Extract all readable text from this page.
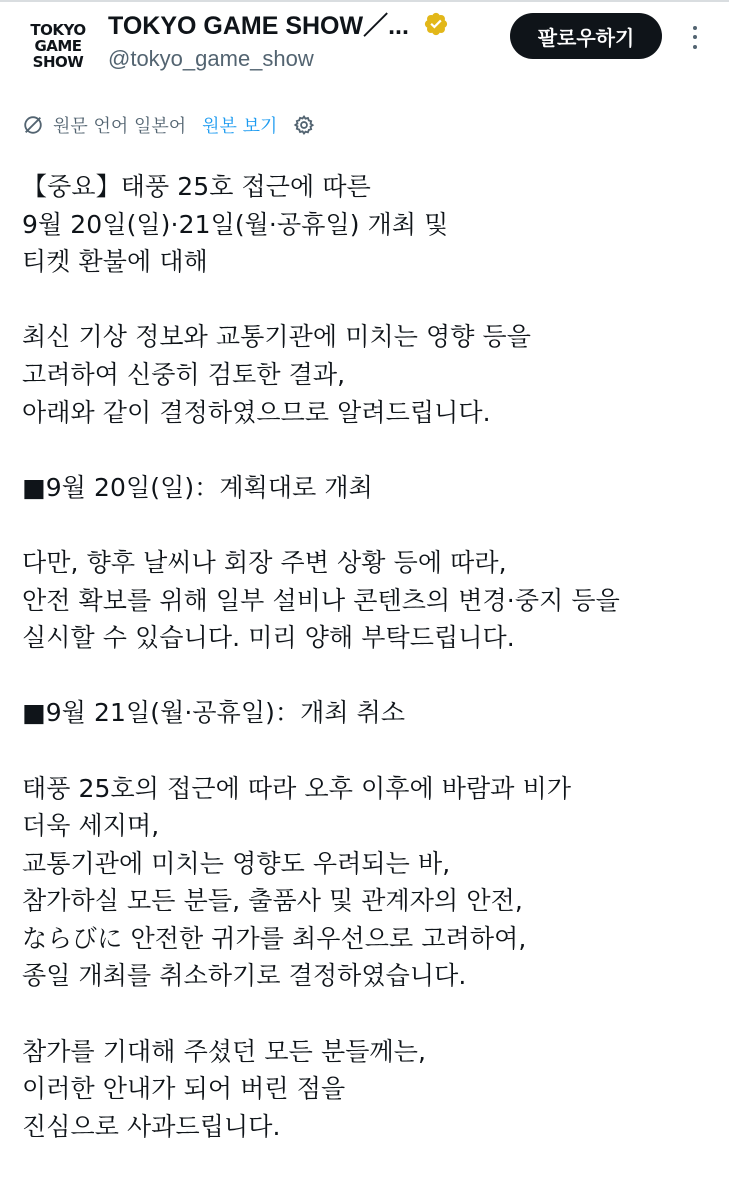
TOKYO
GAME
SHOW
TOKYO GAME SHOW／...
@tokyo_game_show
팔로우하기
원문 언어 일본어 원본 보기
【중요】태풍 25호 접근에 따른
9월 20일(일)·21일(월·공휴일) 개최 및
티켓 환불에 대해
최신 기상 정보와 교통기관에 미치는 영향 등을
고려하여 신중히 검토한 결과,
아래와 같이 결정하였으므로 알려드립니다.
■9월 20일(일)：계획대로 개최
다만, 향후 날씨나 회장 주변 상황 등에 따라,
안전 확보를 위해 일부 설비나 콘텐츠의 변경·중지 등을
실시할 수 있습니다. 미리 양해 부탁드립니다.
■9월 21일(월·공휴일)：개최 취소
태풍 25호의 접근에 따라 오후 이후에 바람과 비가
더욱 세지며,
교통기관에 미치는 영향도 우려되는 바,
참가하실 모든 분들, 출품사 및 관계자의 안전,
ならびに 안전한 귀가를 최우선으로 고려하여,
종일 개최를 취소하기로 결정하였습니다.
참가를 기대해 주셨던 모든 분들께는,
이러한 안내가 되어 버린 점을
진심으로 사과드립니다.
